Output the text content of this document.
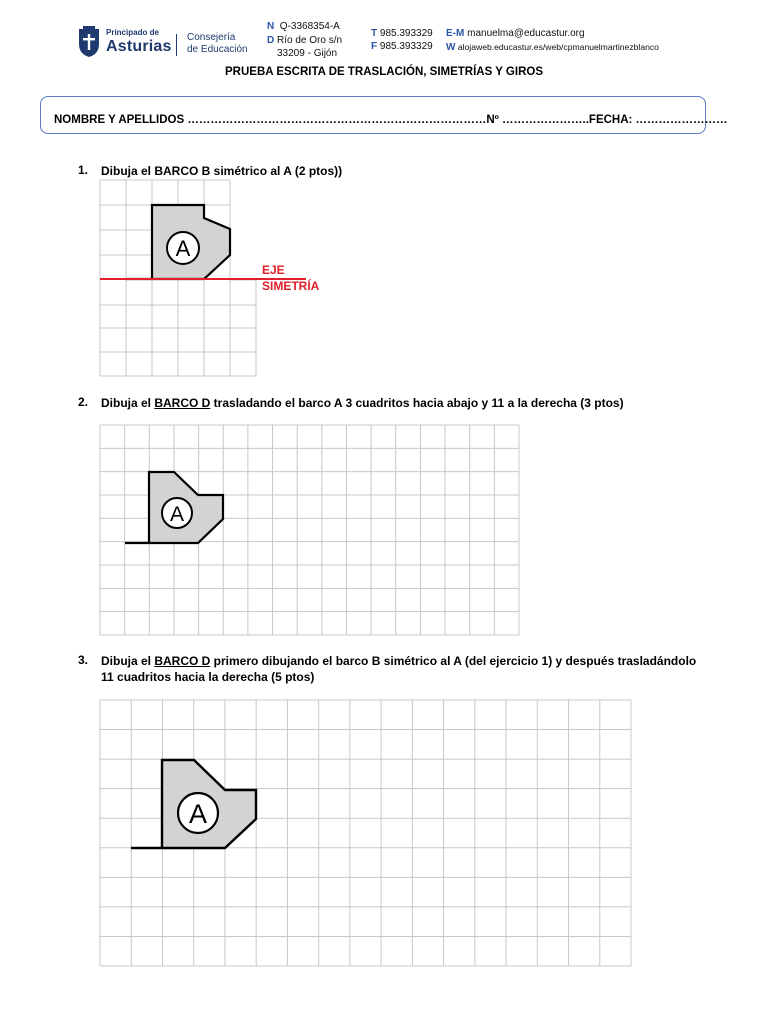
Principado de
Asturias
Consejería
de Educación
N Q-3368354-A
D Río de Oro s/n
33209 - Gijón
T 985.393329
F 985.393329
E-M manuelma@educastur.org
W alojaweb.educastur.es/web/cpmanuelmartinezblanco
PRUEBA ESCRITA DE TRASLACIÓN, SIMETRÍAS Y GIROS
NOMBRE Y APELLIDOS ……………………………………………………………………Nº …………………..FECHA: ……………………
1. Dibuja el BARCO B simétrico al A (2 ptos))
A
EJE
SIMETRÍA
2. Dibuja el BARCO D trasladando el barco A 3 cuadritos hacia abajo y 11 a la derecha (3 ptos)
A
3. Dibuja el BARCO D primero dibujando el barco B simétrico al A (del ejercicio 1) y después trasladándolo
11 cuadritos hacia la derecha (5 ptos)
A
